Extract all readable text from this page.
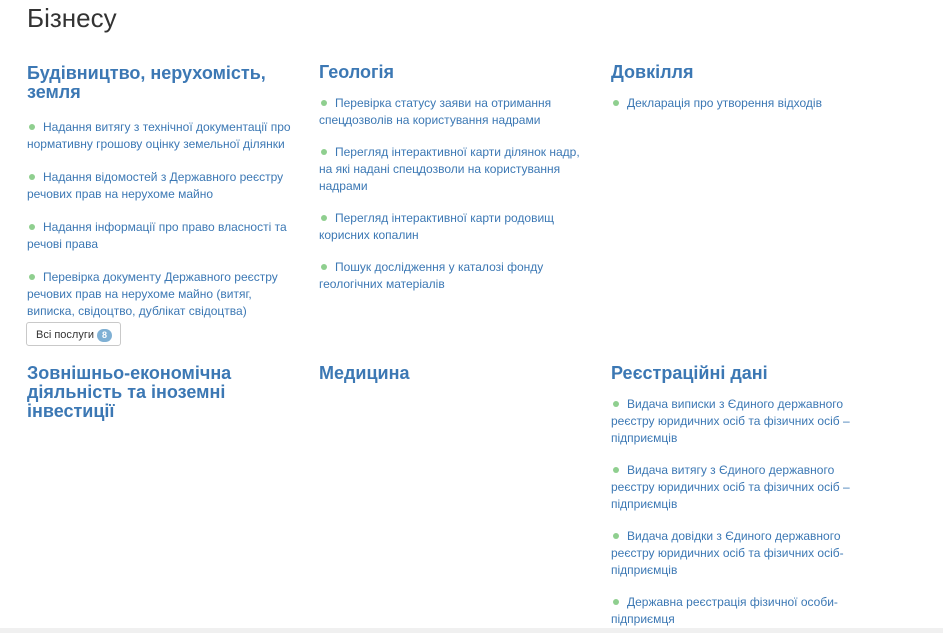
Бізнесу
Будівництво, нерухомість, земля
Надання витягу з технічної документації про нормативну грошову оцінку земельної ділянки
Надання відомостей з Державного реєстру речових прав на нерухоме майно
Надання інформації про право власності та речові права
Перевірка документу Державного реєстру речових прав на нерухоме майно (витяг, виписка, свідоцтво, дублікат свідоцтва)
Всі послуги 8
Геологія
Перевірка статусу заяви на отримання спецдозволів на користування надрами
Перегляд інтерактивної карти ділянок надр, на які надані спецдозволи на користування надрами
Перегляд інтерактивної карти родовищ корисних копалин
Пошук дослідження у каталозі фонду геологічних матеріалів
Довкілля
Декларація про утворення відходів
Зовнішньо-економічна діяльність та іноземні інвестиції
Медицина	Реєстраційні дані
Видача виписки з Єдиного державного реєстру юридичних осіб та фізичних осіб – підприємців
Видача витягу з Єдиного державного реєстру юридичних осіб та фізичних осіб – підприємців
Видача довідки з Єдиного державного реєстру юридичних осіб та фізичних осіб-підприємців
Державна реєстрація фізичної особи-підприємця
